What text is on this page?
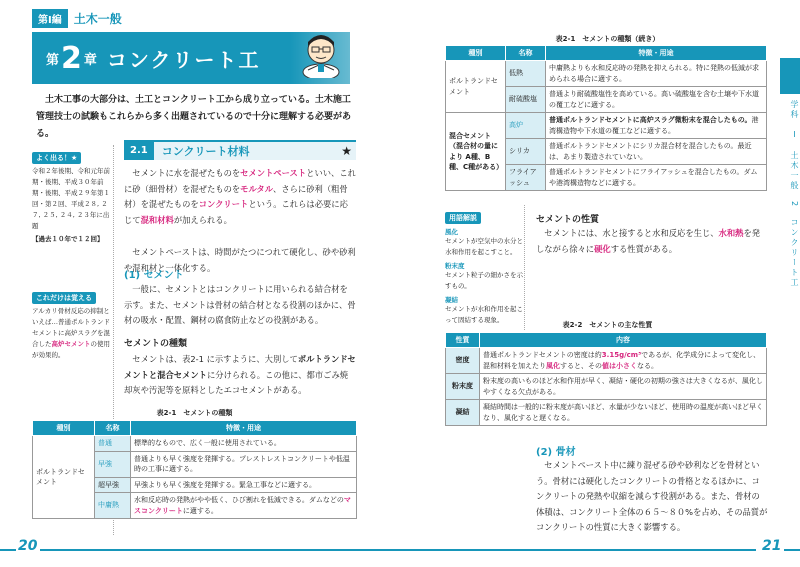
第Ⅰ編	土木一般
第 2 章 コンクリート工

土木工事の大部分は、土工とコンクリート工から成り立っている。土木施工管理技士の試験もこれらから多く出題されているので十分に理解する必要がある。

よく出る！★
令和２年後期、令和元年前期・後期、平成３０年前期・後期、平成２９年第１回・第２回、平成２８, ２７, ２５, ２４, ２３年に出題
【過去１０年で１２回】
これだけは覚える
アルカリ骨材反応の抑制といえば…普通ポルトランドセメントに高炉スラグを混合した高炉セメントの使用が効果的。
2.1	コンクリート材料	★

セメントに水を混ぜたものをセメントペーストといい、これに砂（細骨材）を混ぜたものをモルタル、さらに砂利（粗骨材）を混ぜたものをコンクリートという。これらは必要に応じて混和材料が加えられる。

セメントペーストは、時間がたつにつれて硬化し、砂や砂利や混和材と一体化する。

(1) セメント

一般に、セメントとはコンクリートに用いられる結合材を示す。また、セメントは骨材の結合材となる役割のほかに、骨材の吸水・配置、鋼材の腐食防止などの役割がある。

セメントの種類

セメントは、表2-1 に示すように、大別してポルトランドセメントと混合セメントに分けられる。この他に、都市ごみ焼却灰や汚泥等を原料としたエコセメントがある。

表2-1　セメントの種類
種別	名称	特徴・用途
ポルトランドセメント	普通	標準的なもので、広く一般に使用されている。
	早強	普通よりも早く強度を発揮する。プレストレストコンクリートや低温時の工事に適する。
	超早強	早強よりも早く強度を発揮する。緊急工事などに適する。
	中庸熱	水和反応時の発熱がやや低く、ひび割れを低減できる。ダムなどのマスコンクリートに適する。
表2-1　セメントの種類（続き）
種別	名称	特徴・用途
ポルトランドセメント	低熱	中庸熱よりも水和反応時の発熱を抑えられる。特に発熱の低減が求められる場合に適する。
	耐硫酸塩	普通より耐硫酸塩性を高めている。高い硫酸塩を含む土壌や下水道の覆工などに適する。
混合セメント（混合材の量により A種、B種、C種がある）	高炉	普通ポルトランドセメントに高炉スラグ微粉末を混合したもの。港湾構造物や下水道の覆工などに適する。
	シリカ	普通ポルトランドセメントにシリカ混合材を混合したもの。最近は、あまり製造されていない。
	フライアッシュ	普通ポルトランドセメントにフライアッシュを混合したもの。ダムや港湾構造物などに適する。
用語解説
風化
セメントが空気中の水分と水和作用を起こすこと。
粉末度
セメント粒子の細かさを示すもの。
凝結
セメントが水和作用を起こって固結する現象。
セメントの性質

セメントには、水と接すると水和反応を生じ、水和熱を発しながら徐々に硬化する性質がある。

表2-2　セメントの主な性質
性質	内容
密度	普通ポルトランドセメントの密度は約3.15g/cm³であるが、化学成分によって変化し、混和材料を加えたり風化すると、その値は小さくなる。
粉末度	粉末度の高いものほど水和作用が早く、凝結・硬化の初期の強さは大きくなるが、風化しやすくなる欠点がある。
凝結	凝結時間は一般的に粉末度が高いほど、水量が少ないほど、使用時の温度が高いほど早くなり、風化すると遅くなる。
(2) 骨材

セメントペースト中に練り混ぜる砂や砂利などを骨材という。骨材には硬化したコンクリートの骨格となるほかに、コンクリートの発熱や収縮を減らす役割がある。また、骨材の体積は、コンクリート全体の６５～８０%を占め、その品質がコンクリートの性質に大きく影響する。

学科　Ⅰ　土木一般　2　コンクリート工
20	21
